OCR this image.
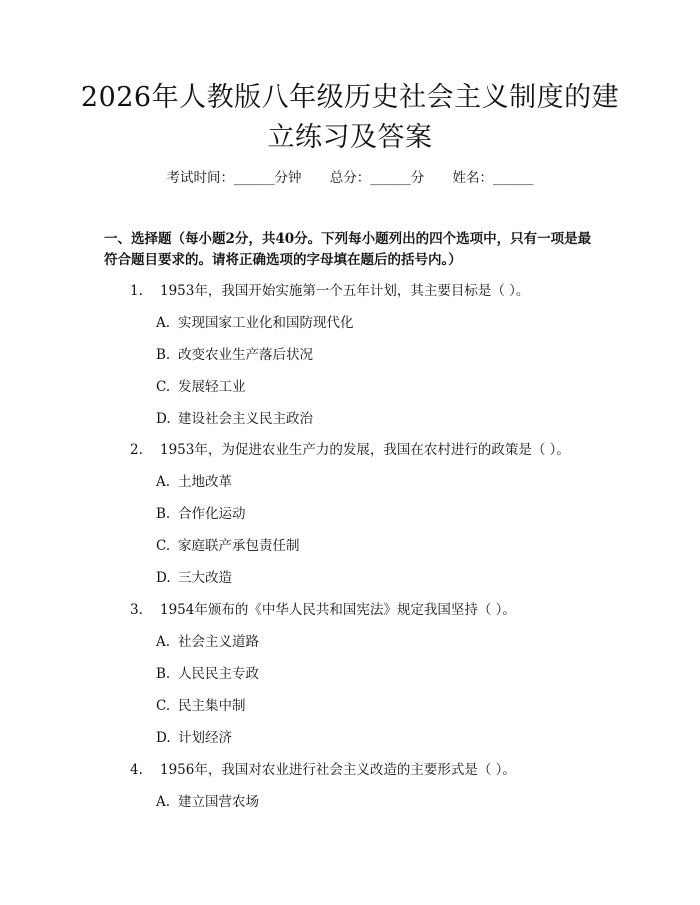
2026年人教版八年级历史社会主义制度的建立练习及答案
考试时间：______分钟 总分：______分 姓名：______
一、选择题（每小题2分，共40分。下列每小题列出的四个选项中，只有一项是最符合题目要求的。请将正确选项的字母填在题后的括号内。）
1. 1953年，我国开始实施第一个五年计划，其主要目标是（ ）。
A. 实现国家工业化和国防现代化
B. 改变农业生产落后状况
C. 发展轻工业
D. 建设社会主义民主政治
2. 1953年，为促进农业生产力的发展，我国在农村进行的政策是（ ）。
A. 土地改革
B. 合作化运动
C. 家庭联产承包责任制
D. 三大改造
3. 1954年颁布的《中华人民共和国宪法》规定我国坚持（ ）。
A. 社会主义道路
B. 人民民主专政
C. 民主集中制
D. 计划经济
4. 1956年，我国对农业进行社会主义改造的主要形式是（ ）。
A. 建立国营农场
